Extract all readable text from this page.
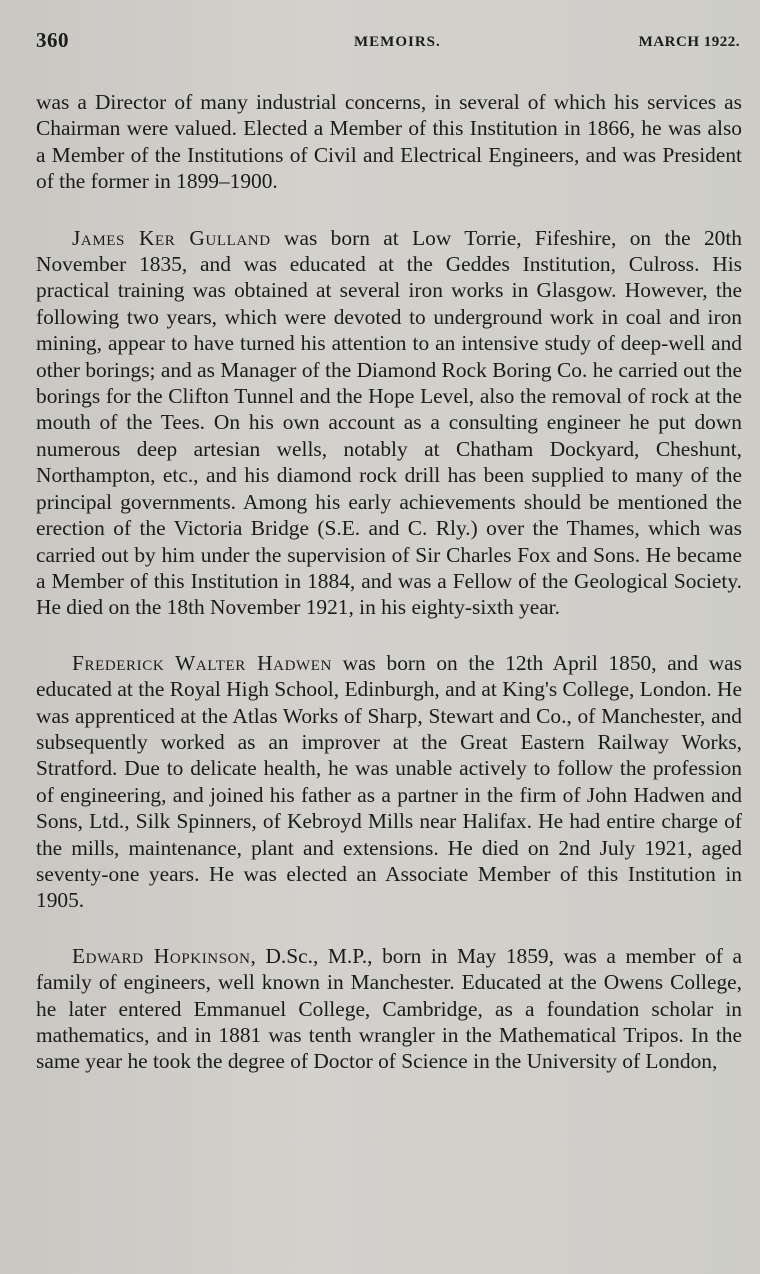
360	MEMOIRS.	MARCH 1922.

was a Director of many industrial concerns, in several of which his services as Chairman were valued. Elected a Member of this Institution in 1866, he was also a Member of the Institutions of Civil and Electrical Engineers, and was President of the former in 1899–1900.

James Ker Gulland was born at Low Torrie, Fifeshire, on the 20th November 1835, and was educated at the Geddes Institution, Culross. His practical training was obtained at several iron works in Glasgow. However, the following two years, which were devoted to underground work in coal and iron mining, appear to have turned his attention to an intensive study of deep-well and other borings; and as Manager of the Diamond Rock Boring Co. he carried out the borings for the Clifton Tunnel and the Hope Level, also the removal of rock at the mouth of the Tees. On his own account as a consulting engineer he put down numerous deep artesian wells, notably at Chatham Dockyard, Cheshunt, Northampton, etc., and his diamond rock drill has been supplied to many of the principal governments. Among his early achievements should be mentioned the erection of the Victoria Bridge (S.E. and C. Rly.) over the Thames, which was carried out by him under the supervision of Sir Charles Fox and Sons. He became a Member of this Institution in 1884, and was a Fellow of the Geological Society. He died on the 18th November 1921, in his eighty-sixth year.

Frederick Walter Hadwen was born on the 12th April 1850, and was educated at the Royal High School, Edinburgh, and at King's College, London. He was apprenticed at the Atlas Works of Sharp, Stewart and Co., of Manchester, and subsequently worked as an improver at the Great Eastern Railway Works, Stratford. Due to delicate health, he was unable actively to follow the profession of engineering, and joined his father as a partner in the firm of John Hadwen and Sons, Ltd., Silk Spinners, of Kebroyd Mills near Halifax. He had entire charge of the mills, maintenance, plant and extensions. He died on 2nd July 1921, aged seventy-one years. He was elected an Associate Member of this Institution in 1905.

Edward Hopkinson, D.Sc., M.P., born in May 1859, was a member of a family of engineers, well known in Manchester. Educated at the Owens College, he later entered Emmanuel College, Cambridge, as a foundation scholar in mathematics, and in 1881 was tenth wrangler in the Mathematical Tripos. In the same year he took the degree of Doctor of Science in the University of London,
